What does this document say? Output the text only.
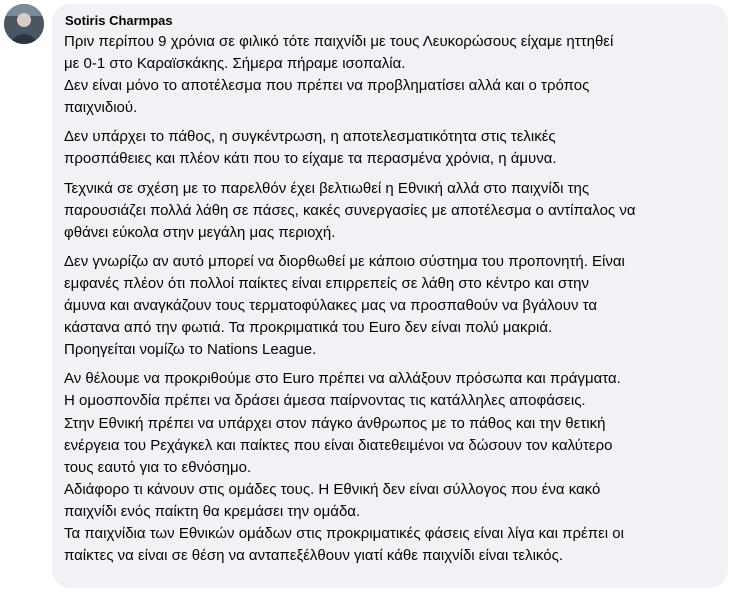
Sotiris Charmpas
Πριν περίπου 9 χρόνια σε φιλικό τότε παιχνίδι με τους Λευκορώσους είχαμε ηττηθεί
με 0-1 στο Καραϊσκάκης. Σήμερα πήραμε ισοπαλία.
Δεν είναι μόνο το αποτέλεσμα που πρέπει να προβληματίσει αλλά και ο τρόπος
παιχνιδιού.
Δεν υπάρχει το πάθος, η συγκέντρωση, η αποτελεσματικότητα στις τελικές
προσπάθειες και πλέον κάτι που το είχαμε τα περασμένα χρόνια, η άμυνα.
Τεχνικά σε σχέση με το παρελθόν έχει βελτιωθεί η Εθνική αλλά στο παιχνίδι της
παρουσιάζει πολλά λάθη σε πάσες, κακές συνεργασίες με αποτέλεσμα ο αντίπαλος να
φθάνει εύκολα στην μεγάλη μας περιοχή.
Δεν γνωρίζω αν αυτό μπορεί να διορθωθεί με κάποιο σύστημα του προπονητή. Είναι
εμφανές πλέον ότι πολλοί παίκτες είναι επιρρεπείς σε λάθη στο κέντρο και στην
άμυνα και αναγκάζουν τους τερματοφύλακες μας να προσπαθούν να βγάλουν τα
κάστανα από την φωτιά. Τα προκριματικά του Euro δεν είναι πολύ μακριά.
Προηγείται νομίζω το Nations League.
Αν θέλουμε να προκριθούμε στο Euro πρέπει να αλλάξουν πρόσωπα και πράγματα.
Η ομοσπονδία πρέπει να δράσει άμεσα παίρνοντας τις κατάλληλες αποφάσεις.
Στην Εθνική πρέπει να υπάρχει στον πάγκο άνθρωπος με το πάθος και την θετική
ενέργεια του Ρεχάγκελ και παίκτες που είναι διατεθειμένοι να δώσουν τον καλύτερο
τους εαυτό για το εθνόσημο.
Αδιάφορο τι κάνουν στις ομάδες τους. Η Εθνική δεν είναι σύλλογος που ένα κακό
παιχνίδι ενός παίκτη θα κρεμάσει την ομάδα.
Τα παιχνίδια των Εθνικών ομάδων στις προκριματικές φάσεις είναι λίγα και πρέπει οι
παίκτες να είναι σε θέση να ανταπεξέλθουν γιατί κάθε παιχνίδι είναι τελικός.
